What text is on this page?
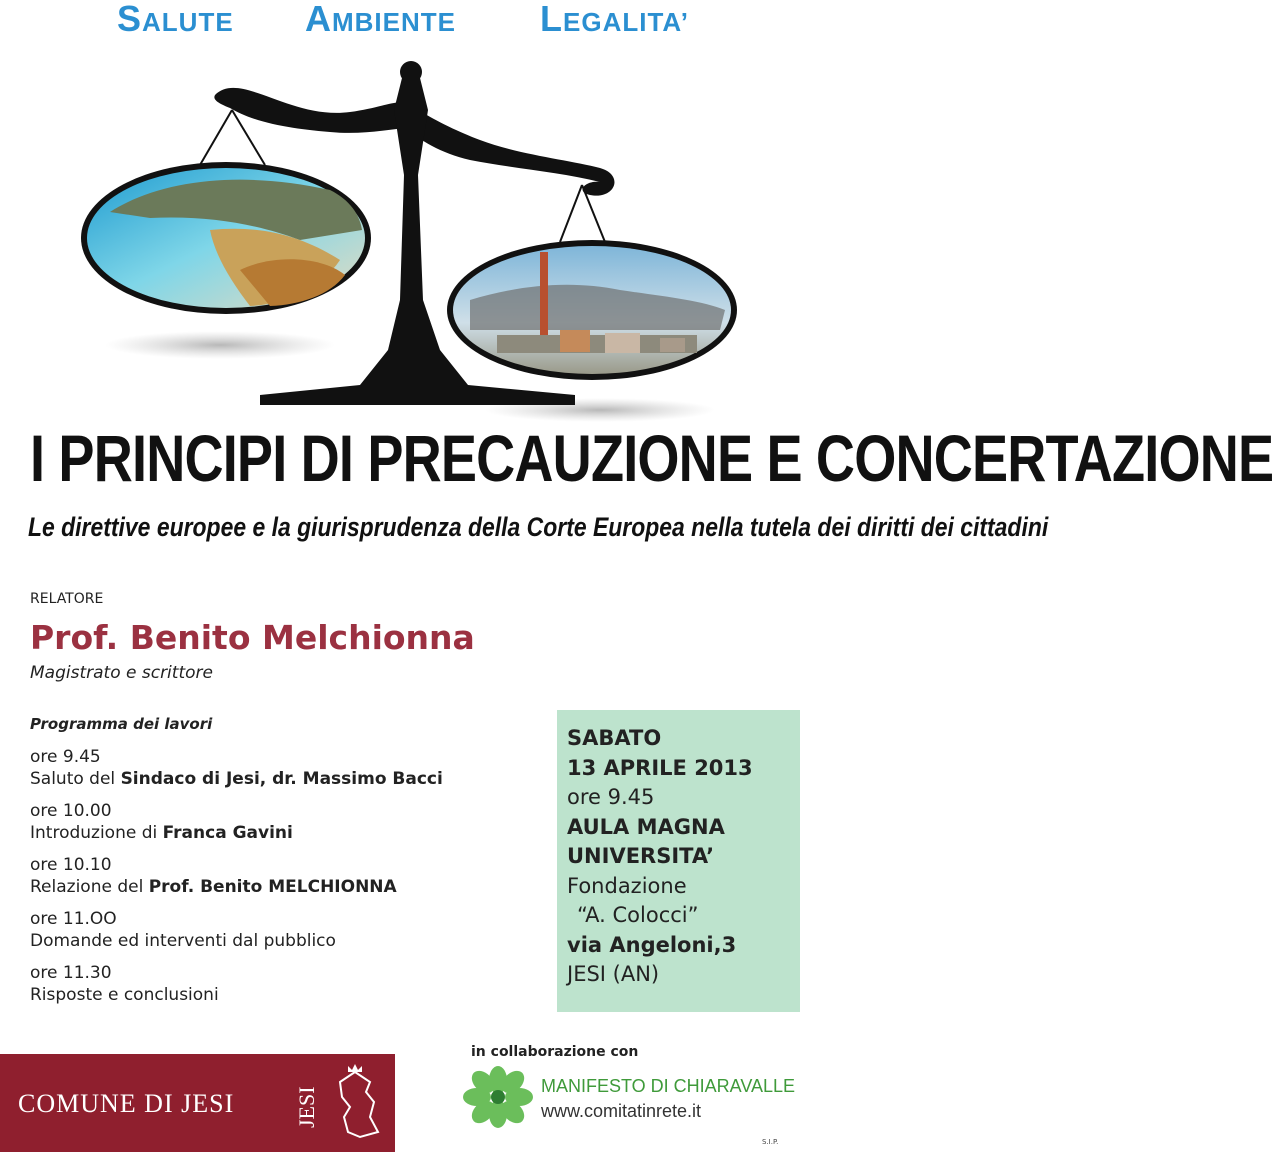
SALUTE AMBIENTE LEGALITA’
I PRINCIPI DI PRECAUZIONE E CONCERTAZIONE
Le direttive europee e la giurisprudenza della Corte Europea nella tutela dei diritti dei cittadini
RELATORE
Prof. Benito Melchionna
Magistrato e scrittore
Programma dei lavori
ore 9.45
Saluto del Sindaco di Jesi, dr. Massimo Bacci
ore 10.00
Introduzione di Franca Gavini
ore 10.10
Relazione del Prof. Benito MELCHIONNA
ore 11.OO
Domande ed interventi dal pubblico
ore 11.30
Risposte e conclusioni
SABATO
13 APRILE 2013
ore 9.45
AULA MAGNA
UNIVERSITA’
Fondazione
“A. Colocci”
via Angeloni,3
JESI (AN)
COMUNE DI JESI	JESI
in collaborazione con
MANIFESTO DI CHIARAVALLE
www.comitatinrete.it
S.I.P.
